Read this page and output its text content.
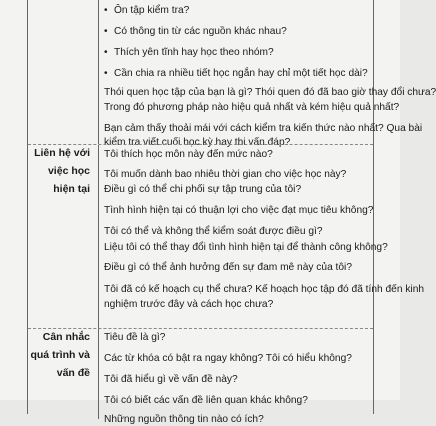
• Ôn tập kiểm tra?
• Có thông tin từ các nguồn khác nhau?
• Thích yên tĩnh hay học theo nhóm?
• Cần chia ra nhiều tiết học ngắn hay chỉ một tiết học dài?
Thói quen học tập của bạn là gì? Thói quen đó đã bao giờ thay đổi chưa?
Trong đó phương pháp nào hiệu quả nhất và kém hiệu quả nhất?
Bạn cảm thấy thoải mái với cách kiểm tra kiến thức nào nhất? Qua bài
kiểm tra viết cuối học kỳ hay thi vấn đáp?
Liên hệ với
việc học
hiện tại
Tôi thích học môn này đến mức nào?
Tôi muốn dành bao nhiêu thời gian cho việc học này?
Điều gì có thể chi phối sự tập trung của tôi?
Tình hình hiện tại có thuận lợi cho việc đạt mục tiêu không?
Tôi có thể và không thể kiểm soát được điều gì?
Liệu tôi có thể thay đổi tình hình hiện tại để thành công không?
Điều gì có thể ảnh hưởng đến sự đam mê này của tôi?
Tôi đã có kế hoạch cụ thể chưa? Kế hoạch học tập đó đã tính đến kinh
nghiệm trước đây và cách học chưa?
Cân nhắc
quá trình và
vấn đề
Tiêu đề là gì?
Các từ khóa có bật ra ngay không? Tôi có hiểu không?
Tôi đã hiểu gì về vấn đề này?
Tôi có biết các vấn đề liên quan khác không?
Những nguồn thông tin nào có ích?
